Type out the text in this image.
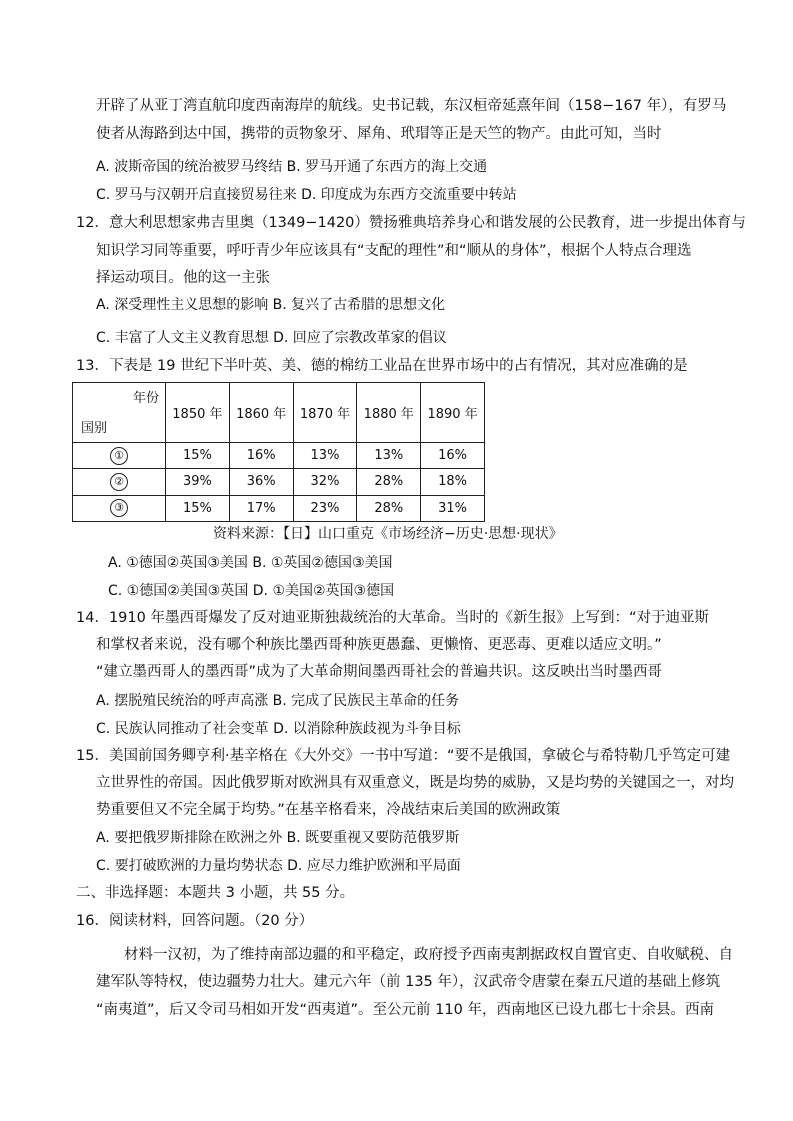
开辟了从亚丁湾直航印度西南海岸的航线。史书记载，东汉桓帝延熹年间（158−167 年），有罗马
使者从海路到达中国，携带的贡物象牙、犀角、玳瑁等正是天竺的物产。由此可知，当时
A. 波斯帝国的统治被罗马终结 B. 罗马开通了东西方的海上交通
C. 罗马与汉朝开启直接贸易往来 D. 印度成为东西方交流重要中转站
12．意大利思想家弗吉里奥（1349−1420）赞扬雅典培养身心和谐发展的公民教育，进一步提出体育与
知识学习同等重要，呼吁青少年应该具有“支配的理性”和“顺从的身体”，根据个人特点合理选
择运动项目。他的这一主张
A. 深受理性主义思想的影响 B. 复兴了古希腊的思想文化
C. 丰富了人文主义教育思想 D. 回应了宗教改革家的倡议
13．下表是 19 世纪下半叶英、美、德的棉纺工业品在世界市场中的占有情况，其对应准确的是
年份
国别	1850 年	1860 年	1870 年	1880 年	1890 年
①	15%	16%	13%	13%	16%
②	39%	36%	32%	28%	18%
③	15%	17%	23%	28%	31%
资料来源：【日】山口重克《市场经济−历史·思想·现状》
A. ①德国②英国③美国 B. ①英国②德国③美国
C. ①德国②美国③英国 D. ①美国②英国③德国
14．1910 年墨西哥爆发了反对迪亚斯独裁统治的大革命。当时的《新生报》上写到：“对于迪亚斯
和掌权者来说，没有哪个种族比墨西哥种族更愚蠢、更懒惰、更恶毒、更难以适应文明。”
“建立墨西哥人的墨西哥”成为了大革命期间墨西哥社会的普遍共识。这反映出当时墨西哥
A. 摆脱殖民统治的呼声高涨 B. 完成了民族民主革命的任务
C. 民族认同推动了社会变革 D. 以消除种族歧视为斗争目标
15．美国前国务卿亨利·基辛格在《大外交》一书中写道：“要不是俄国，拿破仑与希特勒几乎笃定可建
立世界性的帝国。因此俄罗斯对欧洲具有双重意义，既是均势的威胁，又是均势的关键国之一，对均
势重要但又不完全属于均势。”在基辛格看来，冷战结束后美国的欧洲政策
A. 要把俄罗斯排除在欧洲之外 B. 既要重视又要防范俄罗斯
C. 要打破欧洲的力量均势状态 D. 应尽力维护欧洲和平局面
二、非选择题：本题共 3 小题，共 55 分。
16．阅读材料，回答问题。（20 分）
材料一汉初，为了维持南部边疆的和平稳定，政府授予西南夷割据政权自置官吏、自收赋税、自
建军队等特权，使边疆势力壮大。建元六年（前 135 年），汉武帝令唐蒙在秦五尺道的基础上修筑
“南夷道”，后又令司马相如开发“西夷道”。至公元前 110 年，西南地区已设九郡七十余县。西南
